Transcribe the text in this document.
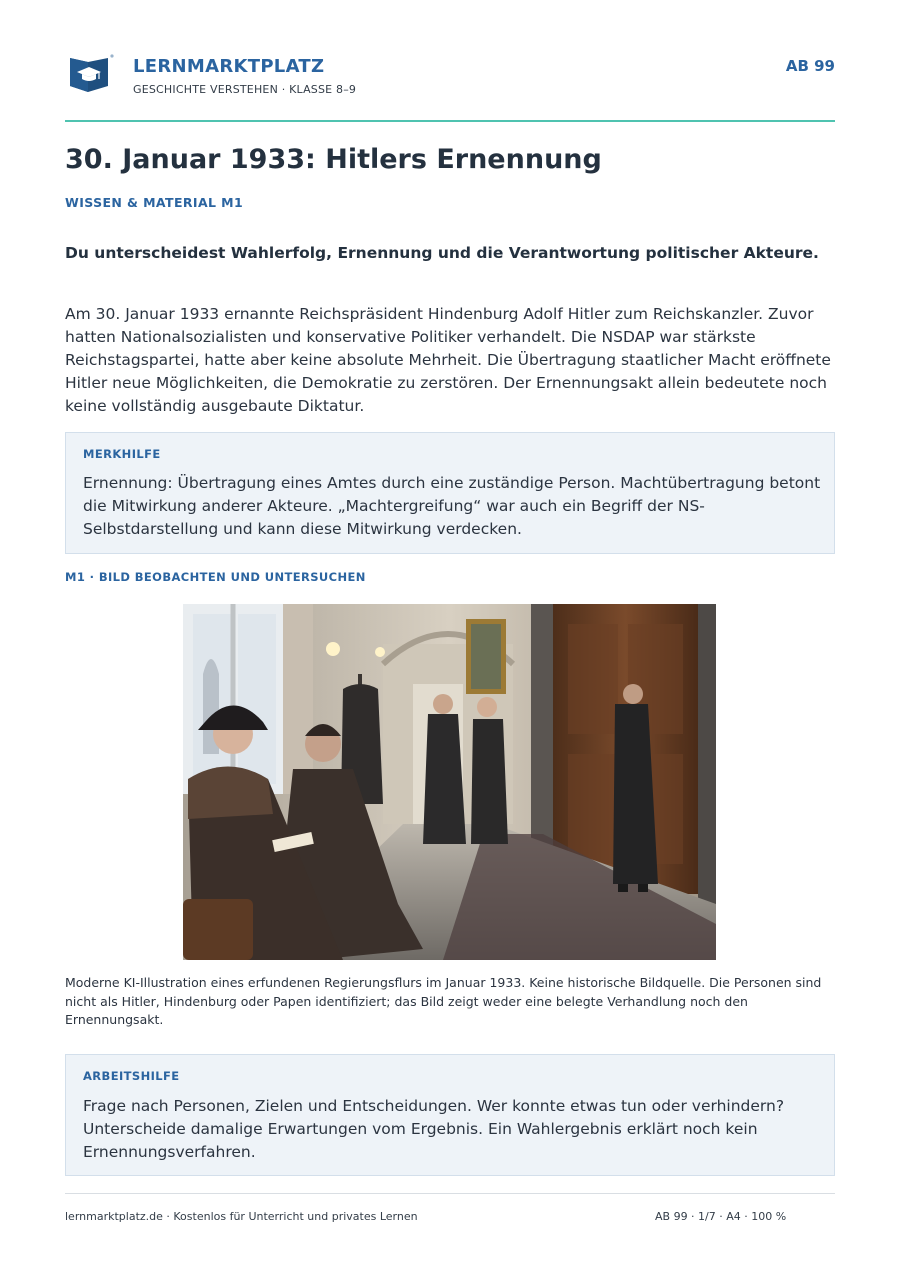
LERNMARKTPLATZ
GESCHICHTE VERSTEHEN · KLASSE 8–9
AB 99
30. Januar 1933: Hitlers Ernennung
WISSEN & MATERIAL M1

Du unterscheidest Wahlerfolg, Ernennung und die Verantwortung politischer Akteure.

Am 30. Januar 1933 ernannte Reichspräsident Hindenburg Adolf Hitler zum Reichskanzler. Zuvor hatten Nationalsozialisten und konservative Politiker verhandelt. Die NSDAP war stärkste Reichstagspartei, hatte aber keine absolute Mehrheit. Die Übertragung staatlicher Macht eröffnete Hitler neue Möglichkeiten, die Demokratie zu zerstören. Der Ernennungsakt allein bedeutete noch keine vollständig ausgebaute Diktatur.

MERKHILFE

Ernennung: Übertragung eines Amtes durch eine zuständige Person. Machtübertragung betont die Mitwirkung anderer Akteure. „Machtergreifung“ war auch ein Begriff der NS-Selbstdarstellung und kann diese Mitwirkung verdecken.

M1 · BILD BEOBACHTEN UND UNTERSUCHEN

Moderne KI-Illustration eines erfundenen Regierungsflurs im Januar 1933. Keine historische Bildquelle. Die Personen sind nicht als Hitler, Hindenburg oder Papen identifiziert; das Bild zeigt weder eine belegte Verhandlung noch den Ernennungsakt.

ARBEITSHILFE

Frage nach Personen, Zielen und Entscheidungen. Wer konnte etwas tun oder verhindern? Unterscheide damalige Erwartungen vom Ergebnis. Ein Wahlergebnis erklärt noch kein Ernennungsverfahren.

lernmarktplatz.de · Kostenlos für Unterricht und privates Lernen	AB 99 · 1/7 · A4 · 100 %
